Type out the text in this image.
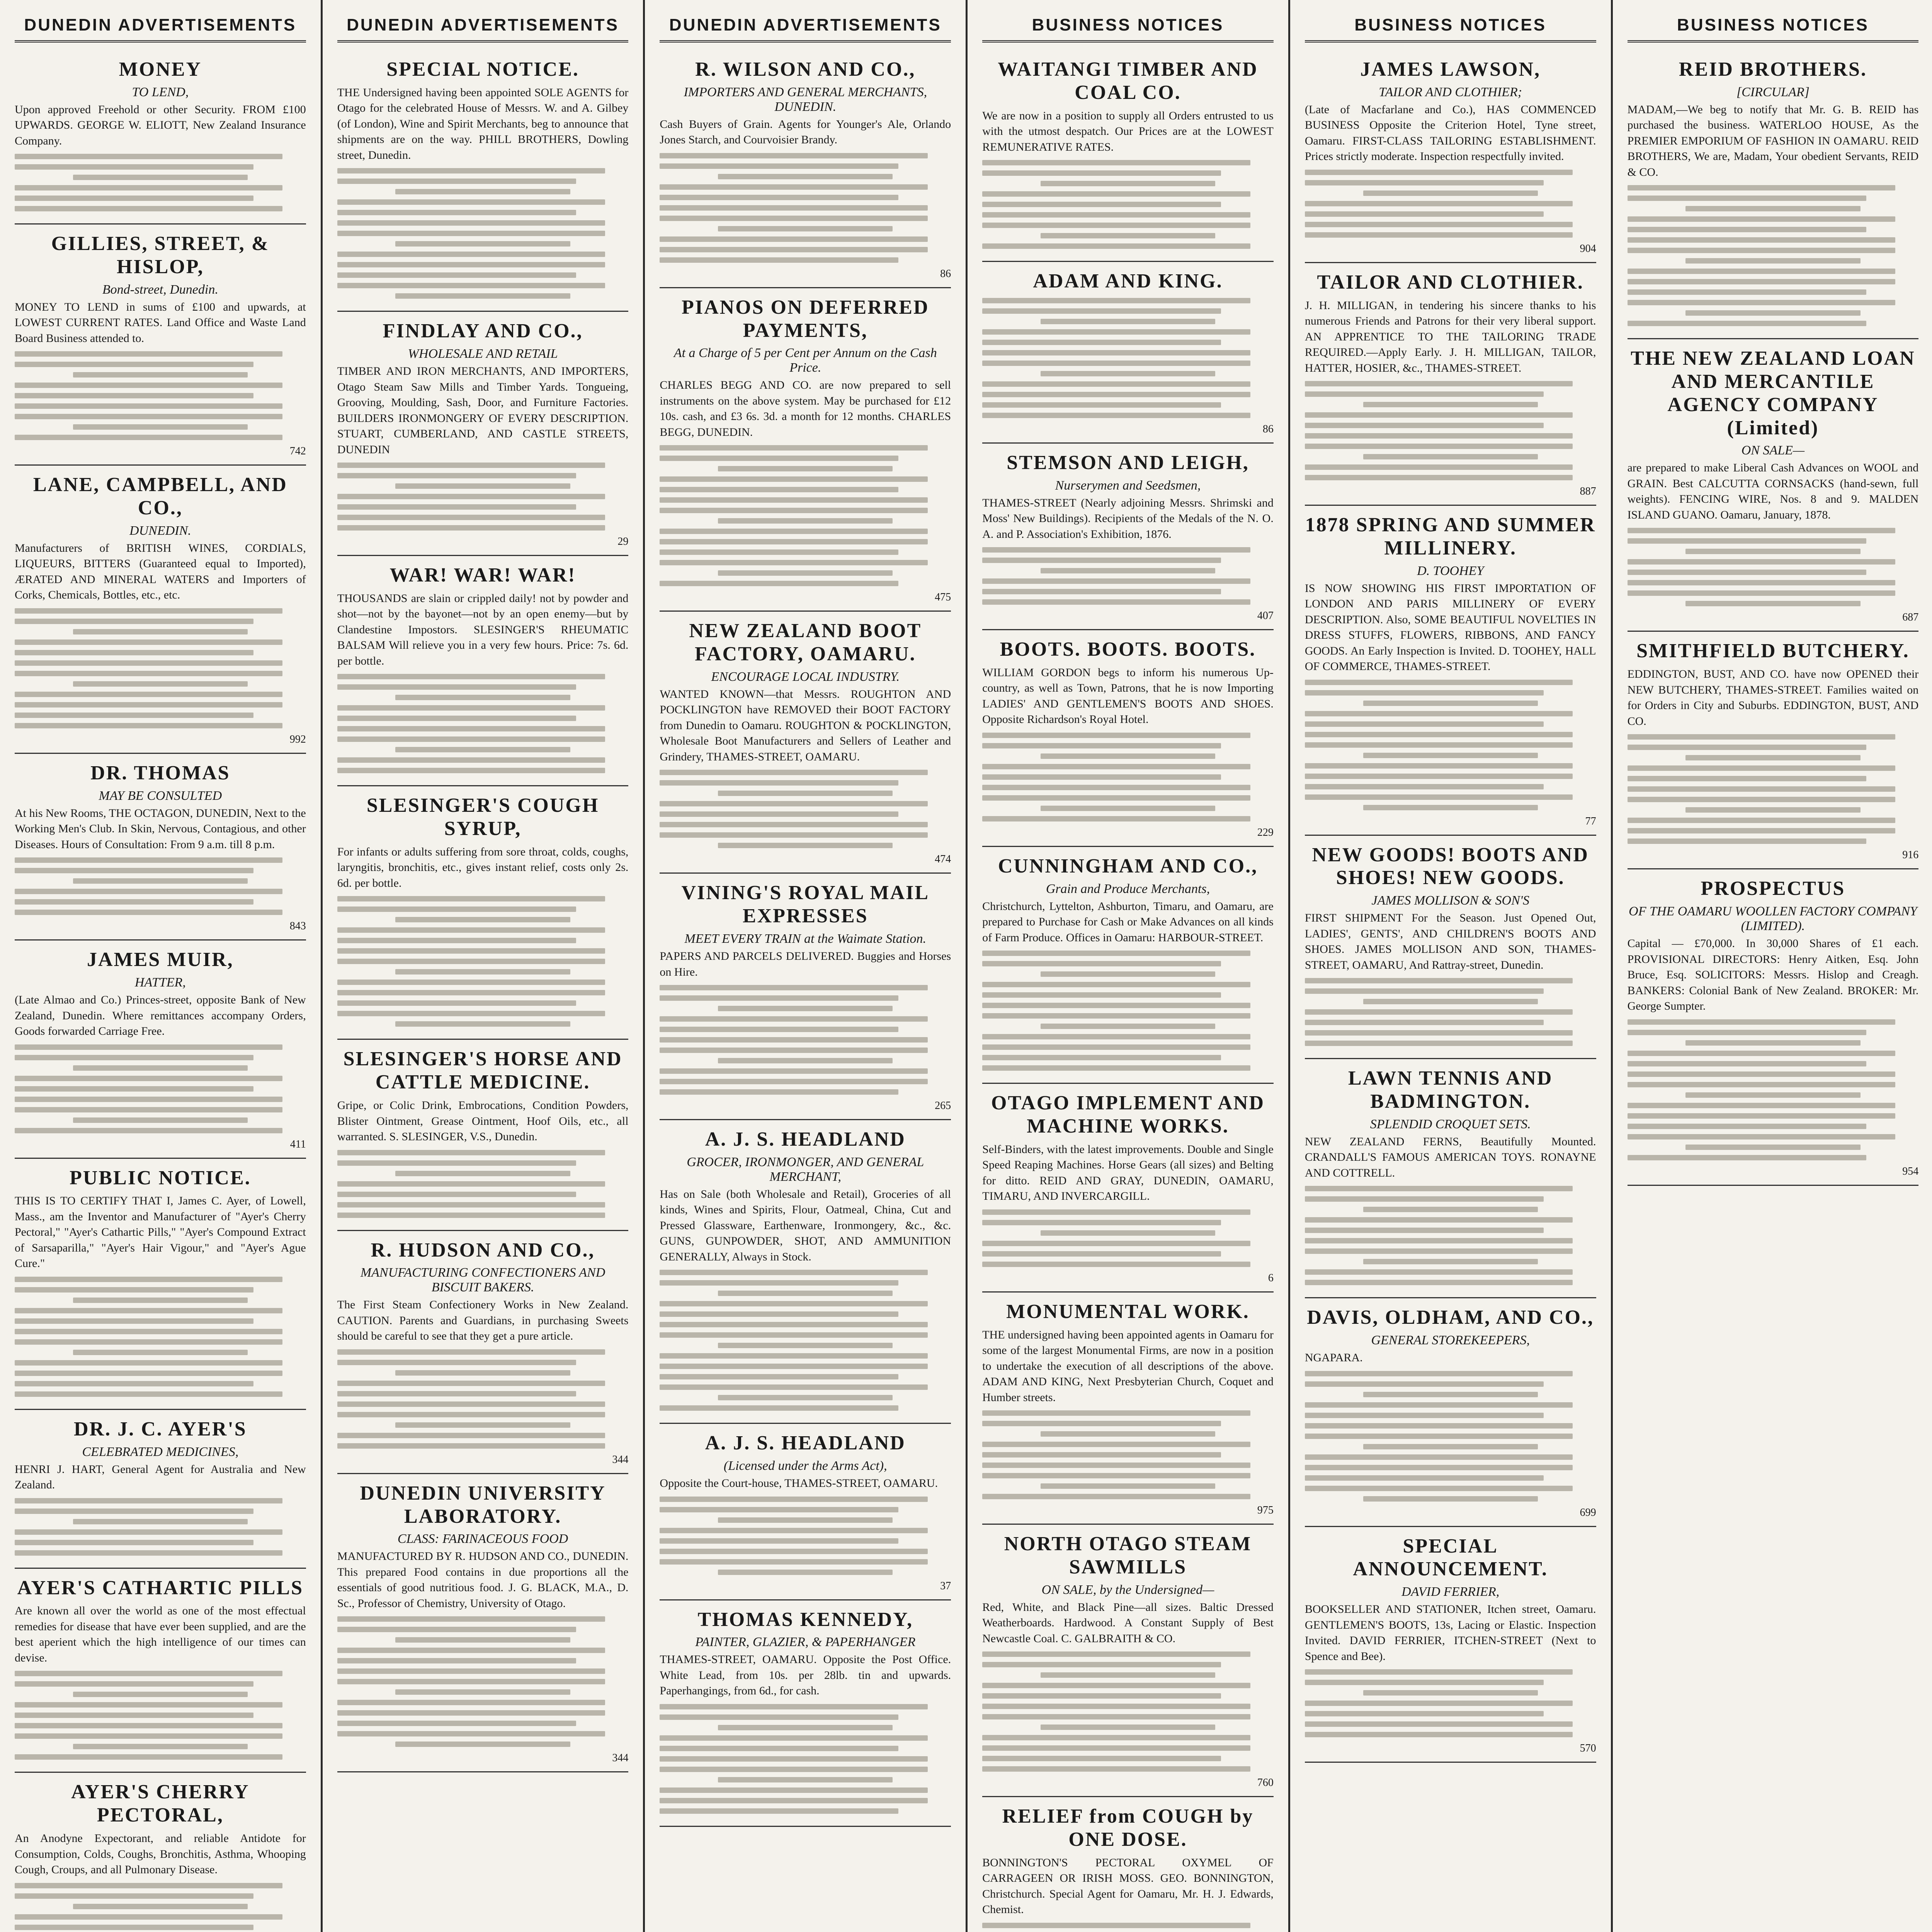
DUNEDIN ADVERTISEMENTS
MONEY
TO LEND,
Upon approved Freehold or other Security. FROM £100 UPWARDS. GEORGE W. ELIOTT, New Zealand Insurance Company.
GILLIES, STREET, & HISLOP,
Bond-street, Dunedin.
MONEY TO LEND in sums of £100 and upwards, at LOWEST CURRENT RATES. Land Office and Waste Land Board Business attended to.
742
LANE, CAMPBELL, AND CO.,
DUNEDIN.
Manufacturers of BRITISH WINES, CORDIALS, LIQUEURS, BITTERS (Guaranteed equal to Imported), ÆRATED AND MINERAL WATERS and Importers of Corks, Chemicals, Bottles, etc., etc.
992
DR. THOMAS
MAY BE CONSULTED
At his New Rooms, THE OCTAGON, DUNEDIN, Next to the Working Men's Club. In Skin, Nervous, Contagious, and other Diseases. Hours of Consultation: From 9 a.m. till 8 p.m.
843
JAMES MUIR,
HATTER,
(Late Almao and Co.) Princes-street, opposite Bank of New Zealand, Dunedin. Where remittances accompany Orders, Goods forwarded Carriage Free.
411
PUBLIC NOTICE.
THIS IS TO CERTIFY THAT I, James C. Ayer, of Lowell, Mass., am the Inventor and Manufacturer of "Ayer's Cherry Pectoral," "Ayer's Cathartic Pills," "Ayer's Compound Extract of Sarsaparilla," "Ayer's Hair Vigour," and "Ayer's Ague Cure."
DR. J. C. AYER'S
CELEBRATED MEDICINES,
HENRI J. HART, General Agent for Australia and New Zealand.
AYER'S CATHARTIC PILLS
Are known all over the world as one of the most effectual remedies for disease that have ever been supplied, and are the best aperient which the high intelligence of our times can devise.
AYER'S CHERRY PECTORAL,
An Anodyne Expectorant, and reliable Antidote for Consumption, Colds, Coughs, Bronchitis, Asthma, Whooping Cough, Croups, and all Pulmonary Disease.
DUNEDIN ADVERTISEMENTS
SPECIAL NOTICE.
THE Undersigned having been appointed SOLE AGENTS for Otago for the celebrated House of Messrs. W. and A. Gilbey (of London), Wine and Spirit Merchants, beg to announce that shipments are on the way. PHILL BROTHERS, Dowling street, Dunedin.
FINDLAY AND CO.,
WHOLESALE AND RETAIL
TIMBER AND IRON MERCHANTS, AND IMPORTERS, Otago Steam Saw Mills and Timber Yards. Tongueing, Grooving, Moulding, Sash, Door, and Furniture Factories. BUILDERS IRONMONGERY OF EVERY DESCRIPTION. STUART, CUMBERLAND, AND CASTLE STREETS, DUNEDIN
29
WAR! WAR! WAR!
THOUSANDS are slain or crippled daily! not by powder and shot—not by the bayonet—not by an open enemy—but by Clandestine Impostors. SLESINGER'S RHEUMATIC BALSAM Will relieve you in a very few hours. Price: 7s. 6d. per bottle.
SLESINGER'S COUGH SYRUP,
For infants or adults suffering from sore throat, colds, coughs, laryngitis, bronchitis, etc., gives instant relief, costs only 2s. 6d. per bottle.
SLESINGER'S HORSE AND CATTLE MEDICINE.
Gripe, or Colic Drink, Embrocations, Condition Powders, Blister Ointment, Grease Ointment, Hoof Oils, etc., all warranted. S. SLESINGER, V.S., Dunedin.
R. HUDSON AND CO.,
MANUFACTURING CONFECTIONERS AND BISCUIT BAKERS.
The First Steam Confectionery Works in New Zealand. CAUTION. Parents and Guardians, in purchasing Sweets should be careful to see that they get a pure article.
344
DUNEDIN UNIVERSITY LABORATORY.
CLASS: FARINACEOUS FOOD
MANUFACTURED BY R. HUDSON AND CO., DUNEDIN. This prepared Food contains in due proportions all the essentials of good nutritious food. J. G. BLACK, M.A., D. Sc., Professor of Chemistry, University of Otago.
344
DUNEDIN ADVERTISEMENTS
R. WILSON AND CO.,
IMPORTERS AND GENERAL MERCHANTS, DUNEDIN.
Cash Buyers of Grain. Agents for Younger's Ale, Orlando Jones Starch, and Courvoisier Brandy.
86
PIANOS ON DEFERRED PAYMENTS,
At a Charge of 5 per Cent per Annum on the Cash Price.
CHARLES BEGG AND CO. are now prepared to sell instruments on the above system. May be purchased for £12 10s. cash, and £3 6s. 3d. a month for 12 months. CHARLES BEGG, DUNEDIN.
475
NEW ZEALAND BOOT FACTORY, OAMARU.
ENCOURAGE LOCAL INDUSTRY.
WANTED KNOWN—that Messrs. ROUGHTON AND POCKLINGTON have REMOVED their BOOT FACTORY from Dunedin to Oamaru. ROUGHTON & POCKLINGTON, Wholesale Boot Manufacturers and Sellers of Leather and Grindery, THAMES-STREET, OAMARU.
474
VINING'S ROYAL MAIL EXPRESSES
MEET EVERY TRAIN at the Waimate Station.
PAPERS AND PARCELS DELIVERED. Buggies and Horses on Hire.
265
A. J. S. HEADLAND
GROCER, IRONMONGER, AND GENERAL MERCHANT,
Has on Sale (both Wholesale and Retail), Groceries of all kinds, Wines and Spirits, Flour, Oatmeal, China, Cut and Pressed Glassware, Earthenware, Ironmongery, &c., &c. GUNS, GUNPOWDER, SHOT, AND AMMUNITION GENERALLY, Always in Stock.
A. J. S. HEADLAND
(Licensed under the Arms Act),
Opposite the Court-house, THAMES-STREET, OAMARU.
37
THOMAS KENNEDY,
PAINTER, GLAZIER, & PAPERHANGER
THAMES-STREET, OAMARU. Opposite the Post Office. White Lead, from 10s. per 28lb. tin and upwards. Paperhangings, from 6d., for cash.
BUSINESS NOTICES
WAITANGI TIMBER AND COAL CO.
We are now in a position to supply all Orders entrusted to us with the utmost despatch. Our Prices are at the LOWEST REMUNERATIVE RATES.
ADAM AND KING.
86
STEMSON AND LEIGH,
Nurserymen and Seedsmen,
THAMES-STREET (Nearly adjoining Messrs. Shrimski and Moss' New Buildings). Recipients of the Medals of the N. O. A. and P. Association's Exhibition, 1876.
407
BOOTS. BOOTS. BOOTS.
WILLIAM GORDON begs to inform his numerous Up-country, as well as Town, Patrons, that he is now Importing LADIES' AND GENTLEMEN'S BOOTS AND SHOES. Opposite Richardson's Royal Hotel.
229
CUNNINGHAM AND CO.,
Grain and Produce Merchants,
Christchurch, Lyttelton, Ashburton, Timaru, and Oamaru, are prepared to Purchase for Cash or Make Advances on all kinds of Farm Produce. Offices in Oamaru: HARBOUR-STREET.
OTAGO IMPLEMENT AND MACHINE WORKS.
Self-Binders, with the latest improvements. Double and Single Speed Reaping Machines. Horse Gears (all sizes) and Belting for ditto. REID AND GRAY, DUNEDIN, OAMARU, TIMARU, AND INVERCARGILL.
6
MONUMENTAL WORK.
THE undersigned having been appointed agents in Oamaru for some of the largest Monumental Firms, are now in a position to undertake the execution of all descriptions of the above. ADAM AND KING, Next Presbyterian Church, Coquet and Humber streets.
975
NORTH OTAGO STEAM SAWMILLS
ON SALE, by the Undersigned—
Red, White, and Black Pine—all sizes. Baltic Dressed Weatherboards. Hardwood. A Constant Supply of Best Newcastle Coal. C. GALBRAITH & CO.
760
RELIEF from COUGH by ONE DOSE.
BONNINGTON'S PECTORAL OXYMEL OF CARRAGEEN OR IRISH MOSS. GEO. BONNINGTON, Christchurch. Special Agent for Oamaru, Mr. H. J. Edwards, Chemist.
BUSINESS NOTICES
JAMES LAWSON,
TAILOR AND CLOTHIER;
(Late of Macfarlane and Co.), HAS COMMENCED BUSINESS Opposite the Criterion Hotel, Tyne street, Oamaru. FIRST-CLASS TAILORING ESTABLISHMENT. Prices strictly moderate. Inspection respectfully invited.
904
TAILOR AND CLOTHIER.
J. H. MILLIGAN, in tendering his sincere thanks to his numerous Friends and Patrons for their very liberal support. AN APPRENTICE TO THE TAILORING TRADE REQUIRED.—Apply Early. J. H. MILLIGAN, TAILOR, HATTER, HOSIER, &c., THAMES-STREET.
887
1878 SPRING AND SUMMER MILLINERY.
D. TOOHEY
IS NOW SHOWING HIS FIRST IMPORTATION OF LONDON AND PARIS MILLINERY OF EVERY DESCRIPTION. Also, SOME BEAUTIFUL NOVELTIES IN DRESS STUFFS, FLOWERS, RIBBONS, AND FANCY GOODS. An Early Inspection is Invited. D. TOOHEY, HALL OF COMMERCE, THAMES-STREET.
77
NEW GOODS! BOOTS AND SHOES! NEW GOODS.
JAMES MOLLISON & SON'S
FIRST SHIPMENT For the Season. Just Opened Out, LADIES', GENTS', AND CHILDREN'S BOOTS AND SHOES. JAMES MOLLISON AND SON, THAMES-STREET, OAMARU, And Rattray-street, Dunedin.
LAWN TENNIS AND BADMINGTON.
SPLENDID CROQUET SETS.
NEW ZEALAND FERNS, Beautifully Mounted. CRANDALL'S FAMOUS AMERICAN TOYS. RONAYNE AND COTTRELL.
DAVIS, OLDHAM, AND CO.,
GENERAL STOREKEEPERS,
NGAPARA.
699
SPECIAL ANNOUNCEMENT.
DAVID FERRIER,
BOOKSELLER AND STATIONER, Itchen street, Oamaru. GENTLEMEN'S BOOTS, 13s, Lacing or Elastic. Inspection Invited. DAVID FERRIER, ITCHEN-STREET (Next to Spence and Bee).
570
BUSINESS NOTICES
REID BROTHERS.
[CIRCULAR]
MADAM,—We beg to notify that Mr. G. B. REID has purchased the business. WATERLOO HOUSE, As the PREMIER EMPORIUM OF FASHION IN OAMARU. REID BROTHERS, We are, Madam, Your obedient Servants, REID & CO.
THE NEW ZEALAND LOAN AND MERCANTILE AGENCY COMPANY (Limited)
ON SALE—
are prepared to make Liberal Cash Advances on WOOL and GRAIN. Best CALCUTTA CORNSACKS (hand-sewn, full weights). FENCING WIRE, Nos. 8 and 9. MALDEN ISLAND GUANO. Oamaru, January, 1878.
687
SMITHFIELD BUTCHERY.
EDDINGTON, BUST, AND CO. have now OPENED their NEW BUTCHERY, THAMES-STREET. Families waited on for Orders in City and Suburbs. EDDINGTON, BUST, AND CO.
916
PROSPECTUS
OF THE OAMARU WOOLLEN FACTORY COMPANY (LIMITED).
Capital — £70,000. In 30,000 Shares of £1 each. PROVISIONAL DIRECTORS: Henry Aitken, Esq. John Bruce, Esq. SOLICITORS: Messrs. Hislop and Creagh. BANKERS: Colonial Bank of New Zealand. BROKER: Mr. George Sumpter.
954
